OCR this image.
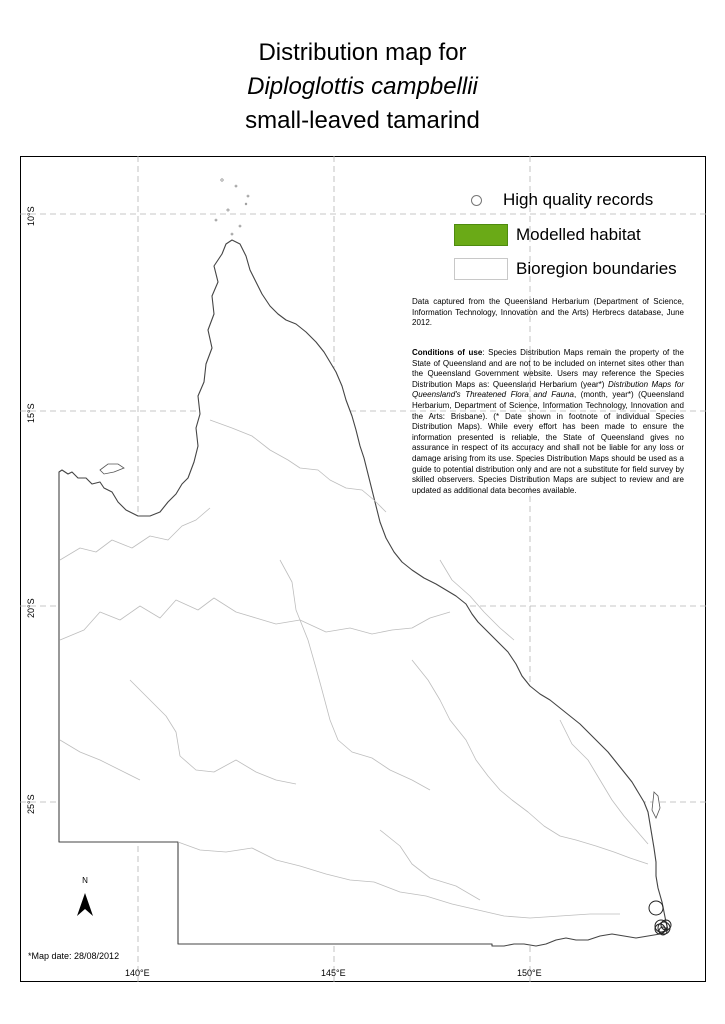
Distribution map for
Diploglottis campbellii
small-leaved tamarind
10°S
15°S
20°S
25°S
140°E	145°E	150°E
High quality records
Modelled habitat
Bioregion boundaries
Data captured from the Queensland Herbarium (Department of Science, Information Technology, Innovation and the Arts) Herbrecs database, June 2012.
Conditions of use: Species Distribution Maps remain the property of the State of Queensland and are not to be included on internet sites other than the Queensland Government website. Users may reference the Species Distribution Maps as: Queensland Herbarium (year*) Distribution Maps for Queensland's Threatened Flora and Fauna, (month, year*) (Queensland Herbarium, Department of Science, Information Technology, Innovation and the Arts: Brisbane). (* Date shown in footnote of individual Species Distribution Maps). While every effort has been made to ensure the information presented is reliable, the State of Queensland gives no assurance in respect of its accuracy and shall not be liable for any loss or damage arising from its use. Species Distribution Maps should be used as a guide to potential distribution only and are not a substitute for field survey by skilled observers. Species Distribution Maps are subject to review and are updated as additional data becomes available.
N
*Map date: 28/08/2012
